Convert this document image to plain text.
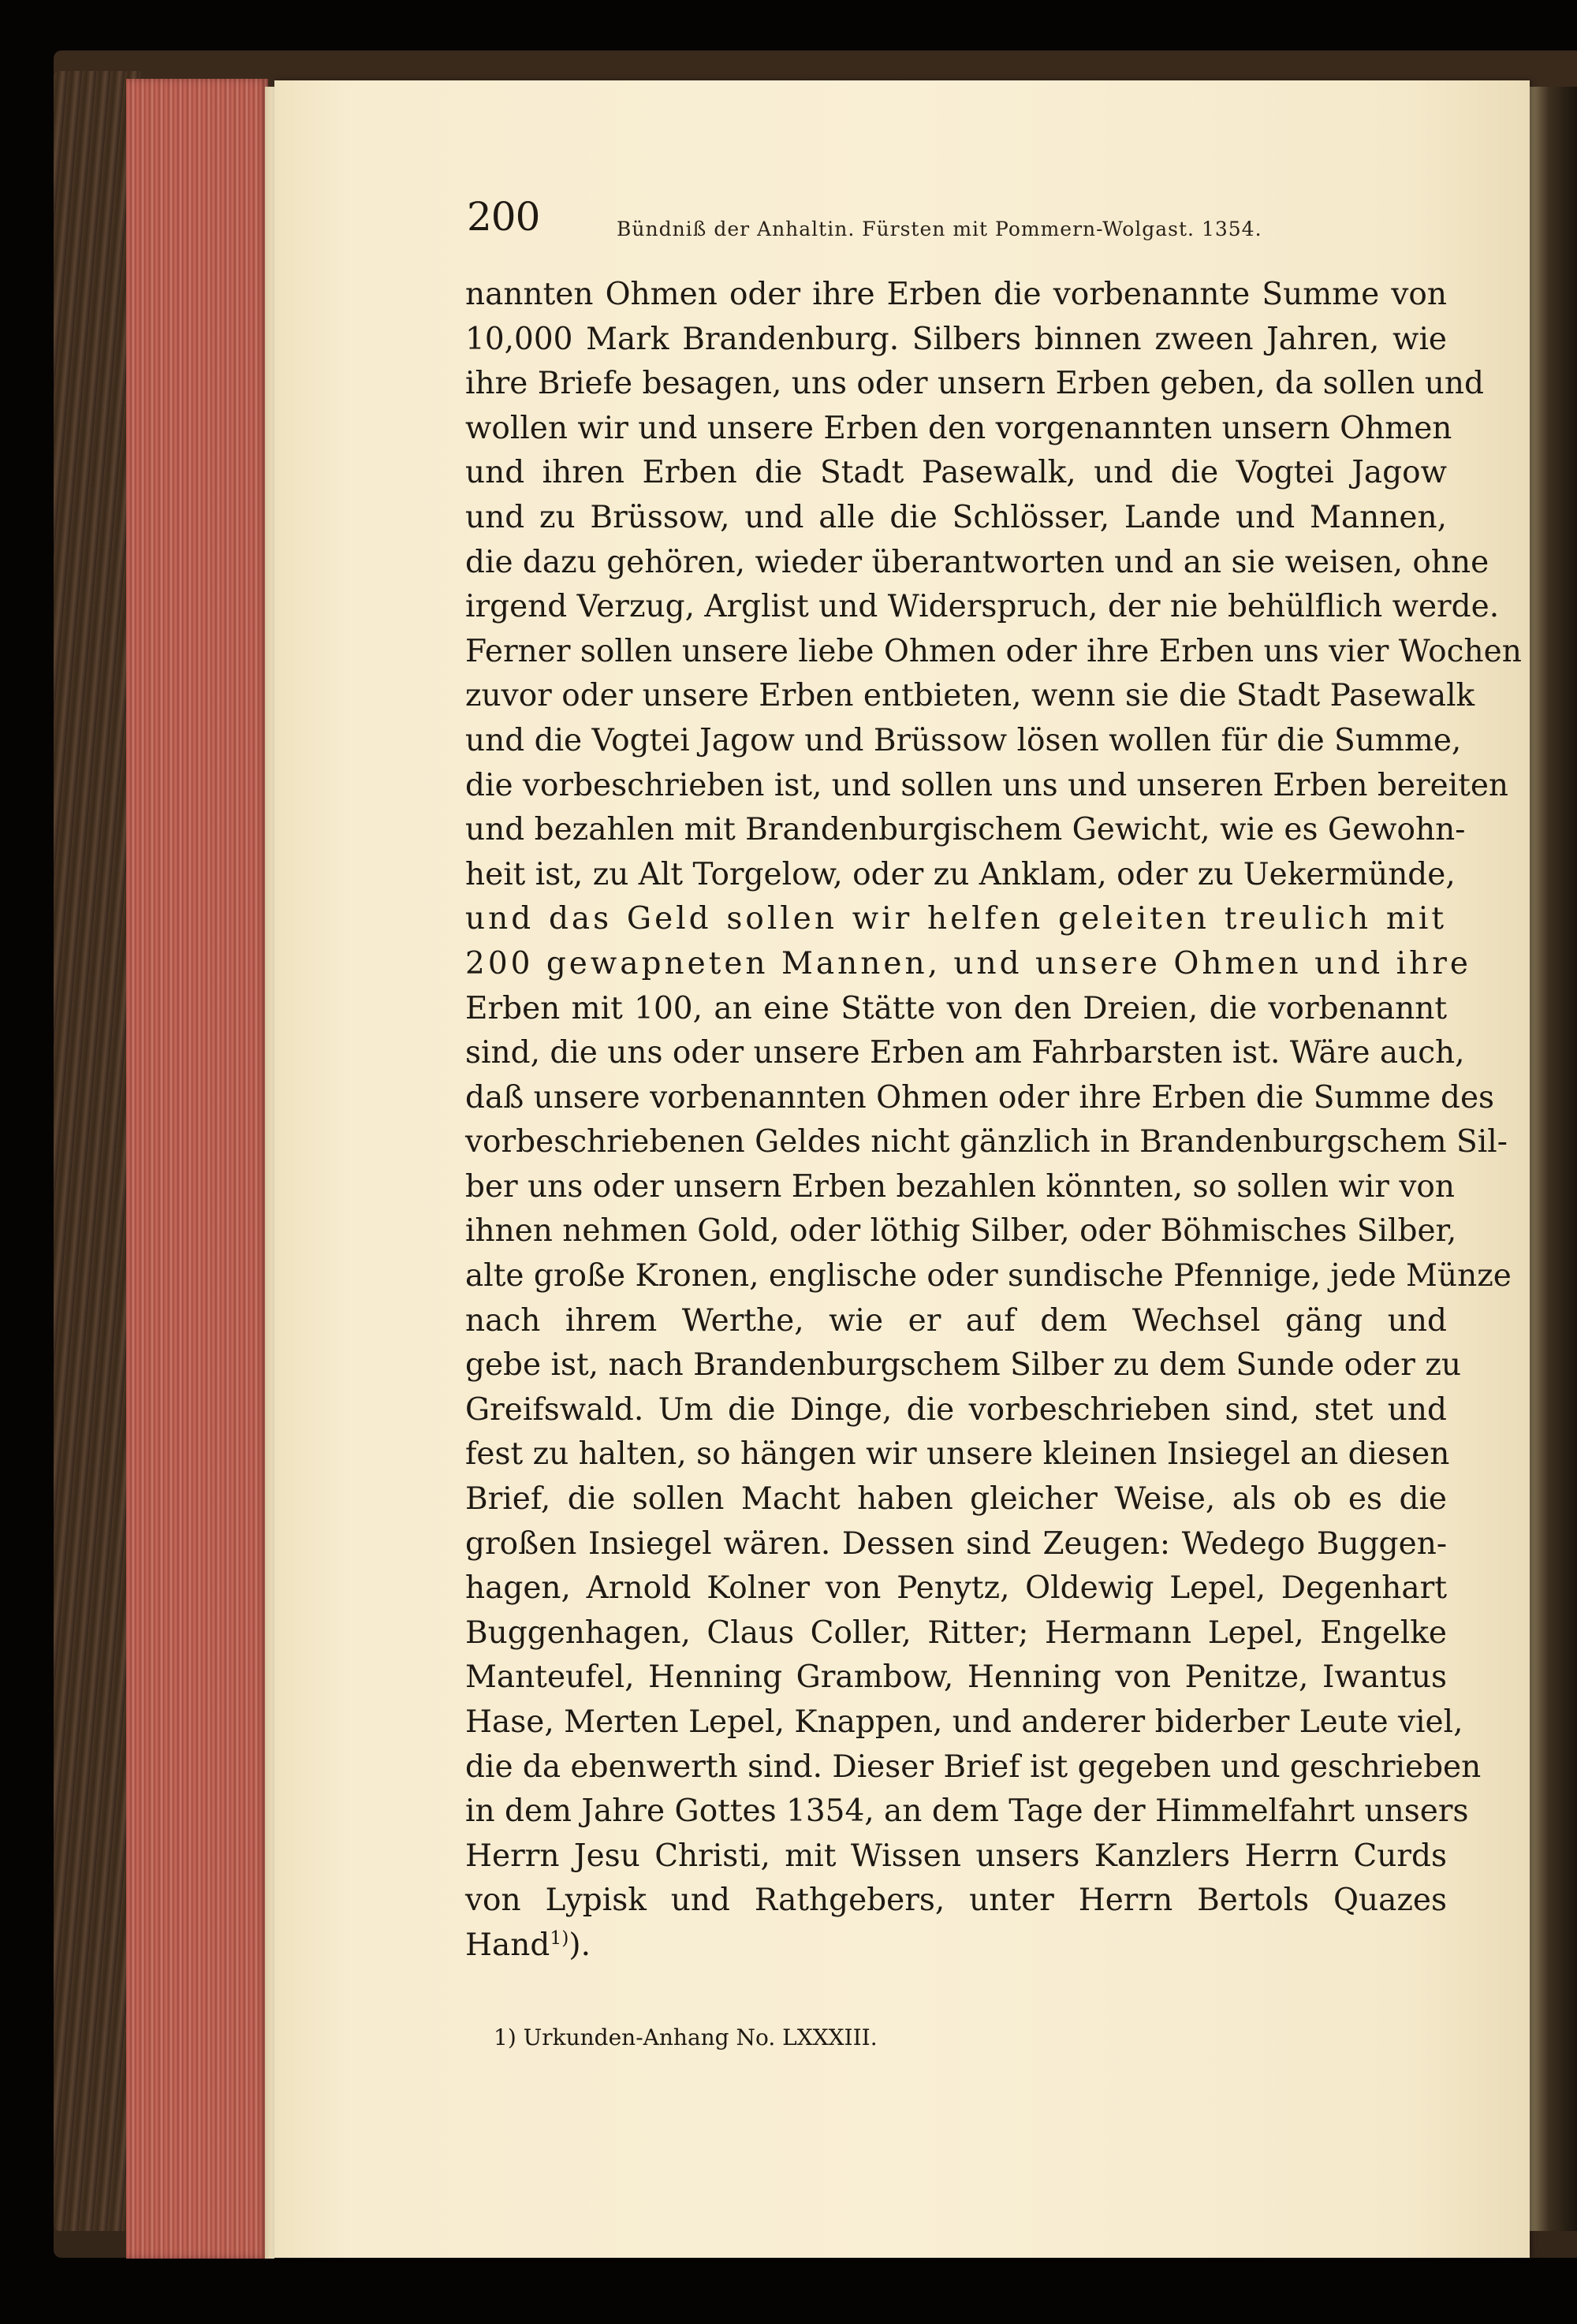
200	Bündniß der Anhaltin. Fürsten mit Pommern-Wolgast. 1354.
nannten Ohmen oder ihre Erben die vorbenannte Summe von
10,000 Mark Brandenburg. Silbers binnen zween Jahren, wie
ihre Briefe besagen, uns oder unsern Erben geben, da sollen und
wollen wir und unsere Erben den vorgenannten unsern Ohmen
und ihren Erben die Stadt Pasewalk, und die Vogtei Jagow
und zu Brüssow, und alle die Schlösser, Lande und Mannen,
die dazu gehören, wieder überantworten und an sie weisen, ohne
irgend Verzug, Arglist und Widerspruch, der nie behülflich werde.
Ferner sollen unsere liebe Ohmen oder ihre Erben uns vier Wochen
zuvor oder unsere Erben entbieten, wenn sie die Stadt Pasewalk
und die Vogtei Jagow und Brüssow lösen wollen für die Summe,
die vorbeschrieben ist, und sollen uns und unseren Erben bereiten
und bezahlen mit Brandenburgischem Gewicht, wie es Gewohn-
heit ist, zu Alt Torgelow, oder zu Anklam, oder zu Uekermünde,
und das Geld sollen wir helfen geleiten treulich mit
200 gewapneten Mannen, und unsere Ohmen und ihre
Erben mit 100, an eine Stätte von den Dreien, die vorbenannt
sind, die uns oder unsere Erben am Fahrbarsten ist. Wäre auch,
daß unsere vorbenannten Ohmen oder ihre Erben die Summe des
vorbeschriebenen Geldes nicht gänzlich in Brandenburgschem Sil-
ber uns oder unsern Erben bezahlen könnten, so sollen wir von
ihnen nehmen Gold, oder löthig Silber, oder Böhmisches Silber,
alte große Kronen, englische oder sundische Pfennige, jede Münze
nach ihrem Werthe, wie er auf dem Wechsel gäng und
gebe ist, nach Brandenburgschem Silber zu dem Sunde oder zu
Greifswald. Um die Dinge, die vorbeschrieben sind, stet und
fest zu halten, so hängen wir unsere kleinen Insiegel an diesen
Brief, die sollen Macht haben gleicher Weise, als ob es die
großen Insiegel wären. Dessen sind Zeugen: Wedego Buggen-
hagen, Arnold Kolner von Penytz, Oldewig Lepel, Degenhart
Buggenhagen, Claus Coller, Ritter; Hermann Lepel, Engelke
Manteufel, Henning Grambow, Henning von Penitze, Iwantus
Hase, Merten Lepel, Knappen, und anderer biderber Leute viel,
die da ebenwerth sind. Dieser Brief ist gegeben und geschrieben
in dem Jahre Gottes 1354, an dem Tage der Himmelfahrt unsers
Herrn Jesu Christi, mit Wissen unsers Kanzlers Herrn Curds
von Lypisk und Rathgebers, unter Herrn Bertols Quazes
Hand$^{1)}$).
1) Urkunden-Anhang No. LXXXIII.
